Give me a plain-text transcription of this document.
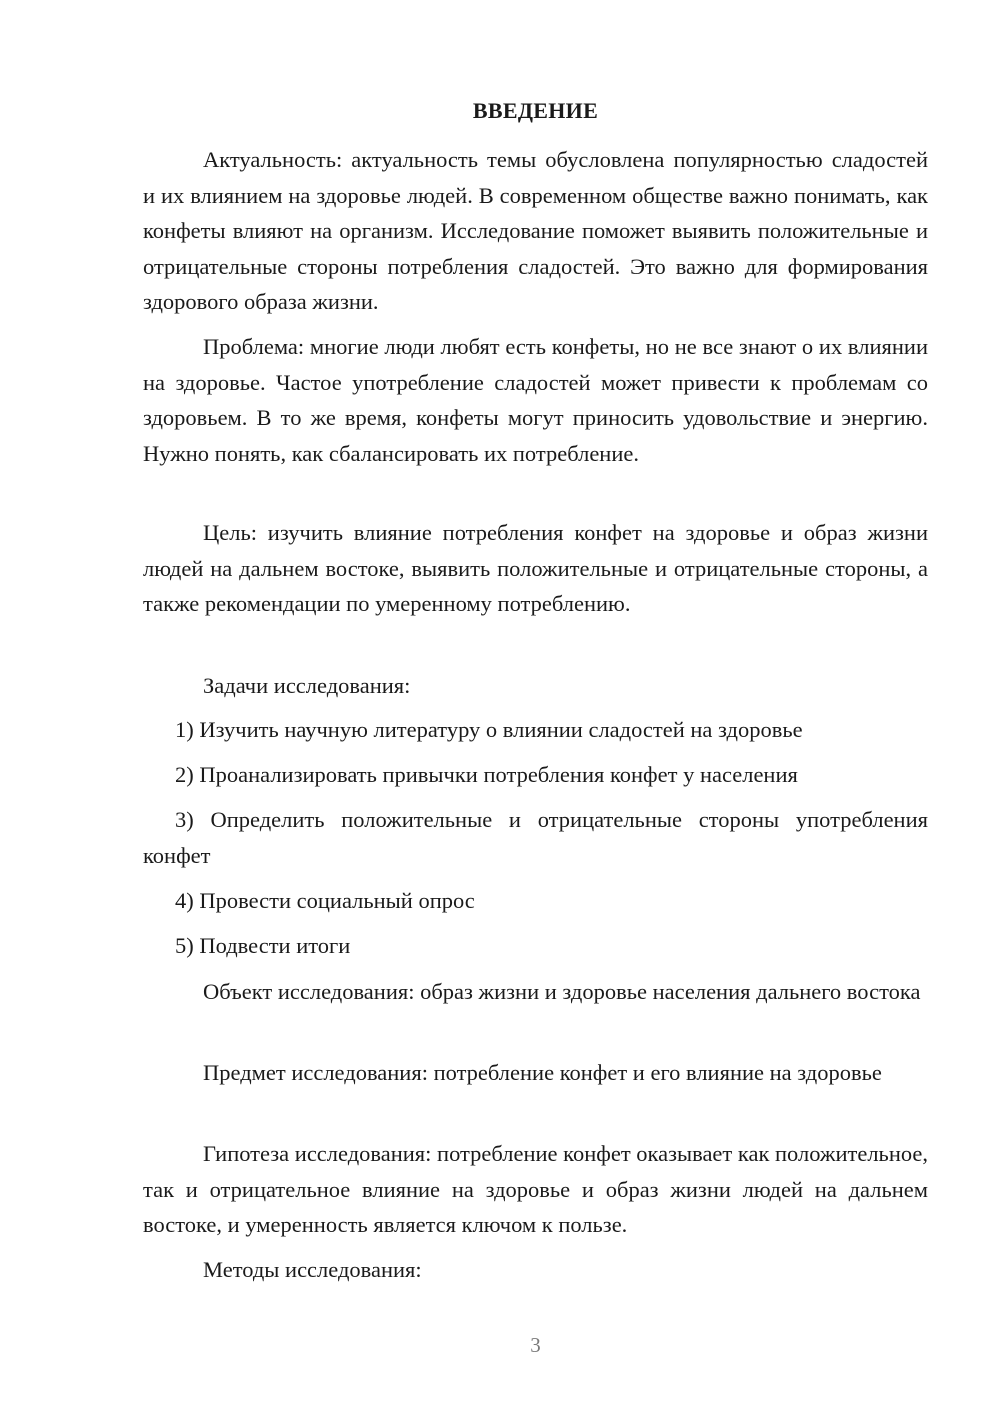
ВВЕДЕНИЕ

Актуальность: актуальность темы обусловлена популярностью сладостей и их влиянием на здоровье людей. В современном обществе важно понимать, как конфеты влияют на организм. Исследование поможет выявить положительные и отрицательные стороны потребления сладостей. Это важно для формирования здорового образа жизни.

Проблема: многие люди любят есть конфеты, но не все знают о их влиянии на здоровье. Частое употребление сладостей может привести к проблемам со здоровьем. В то же время, конфеты могут приносить удовольствие и энергию. Нужно понять, как сбалансировать их потребление.

Цель: изучить влияние потребления конфет на здоровье и образ жизни людей на дальнем востоке, выявить положительные и отрицательные стороны, а также рекомендации по умеренному потреблению.

Задачи исследования:
1) Изучить научную литературу о влиянии сладостей на здоровье
2) Проанализировать привычки потребления конфет у населения

3) Определить положительные и отрицательные стороны употребления конфет

4) Провести социальный опрос
5) Подвести итоги

Объект исследования: образ жизни и здоровье населения дальнего востока

Предмет исследования: потребление конфет и его влияние на здоровье

Гипотеза исследования: потребление конфет оказывает как положительное, так и отрицательное влияние на здоровье и образ жизни людей на дальнем востоке, и умеренность является ключом к пользе.

Методы исследования:
3
